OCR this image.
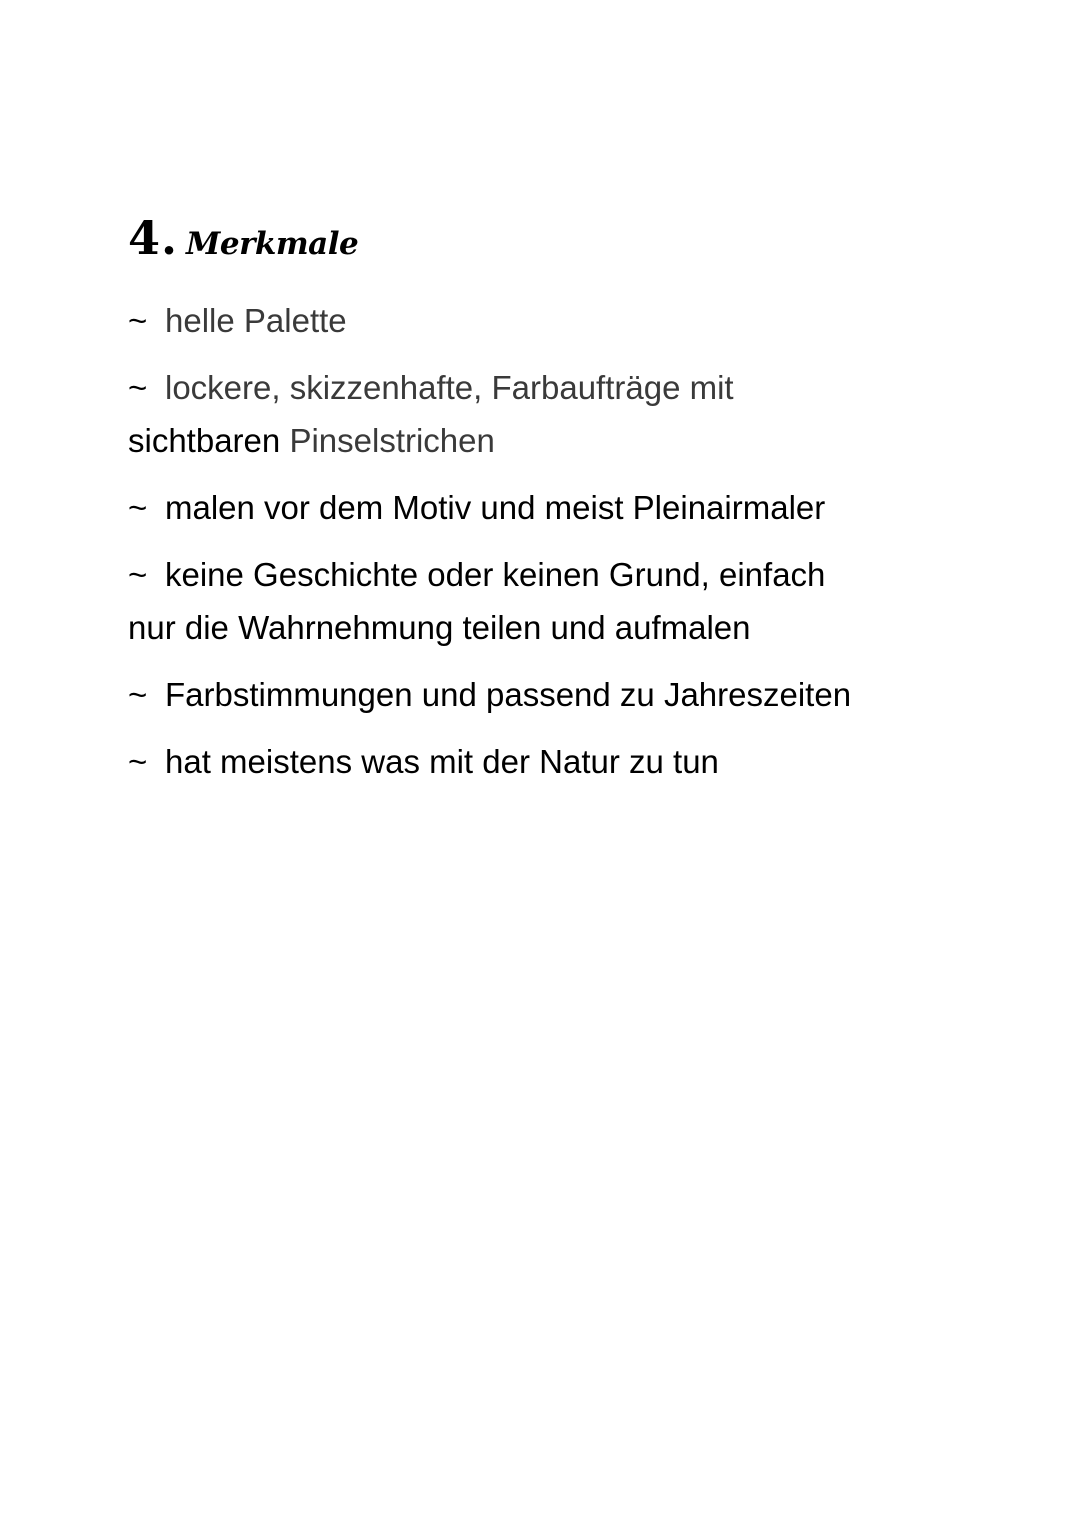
4. Merkmale
~ helle Palette
~ lockere, skizzenhafte, Farbaufträge mit
sichtbaren Pinselstrichen
~ malen vor dem Motiv und meist Pleinairmaler
~ keine Geschichte oder keinen Grund, einfach
nur die Wahrnehmung teilen und aufmalen
~ Farbstimmungen und passend zu Jahreszeiten
~ hat meistens was mit der Natur zu tun
